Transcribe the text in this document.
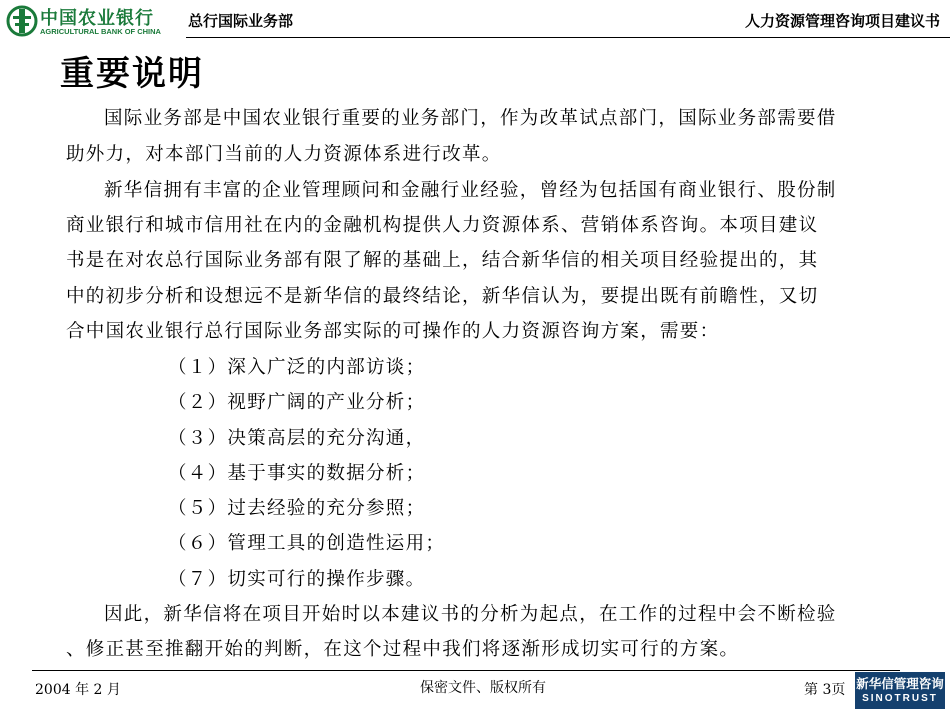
中国农业银行
AGRICULTURAL BANK OF CHINA
总行国际业务部	人力资源管理咨询项目建议书
重要说明
国际业务部是中国农业银行重要的业务部门，作为改革试点部门，国际业务部需要借
助外力，对本部门当前的人力资源体系进行改革。
新华信拥有丰富的企业管理顾问和金融行业经验，曾经为包括国有商业银行、股份制
商业银行和城市信用社在内的金融机构提供人力资源体系、营销体系咨询。本项目建议
书是在对农总行国际业务部有限了解的基础上，结合新华信的相关项目经验提出的，其
中的初步分析和设想远不是新华信的最终结论，新华信认为，要提出既有前瞻性，又切
合中国农业银行总行国际业务部实际的可操作的人力资源咨询方案，需要：
（１）深入广泛的内部访谈；
（２）视野广阔的产业分析；
（３）决策高层的充分沟通，
（４）基于事实的数据分析；
（５）过去经验的充分参照；
（６）管理工具的创造性运用；
（７）切实可行的操作步骤。
因此，新华信将在项目开始时以本建议书的分析为起点，在工作的过程中会不断检验
、修正甚至推翻开始的判断，在这个过程中我们将逐渐形成切实可行的方案。
2004 年 2 月	保密文件、版权所有	第 3页 新华信管理咨询
SINOTRUST
